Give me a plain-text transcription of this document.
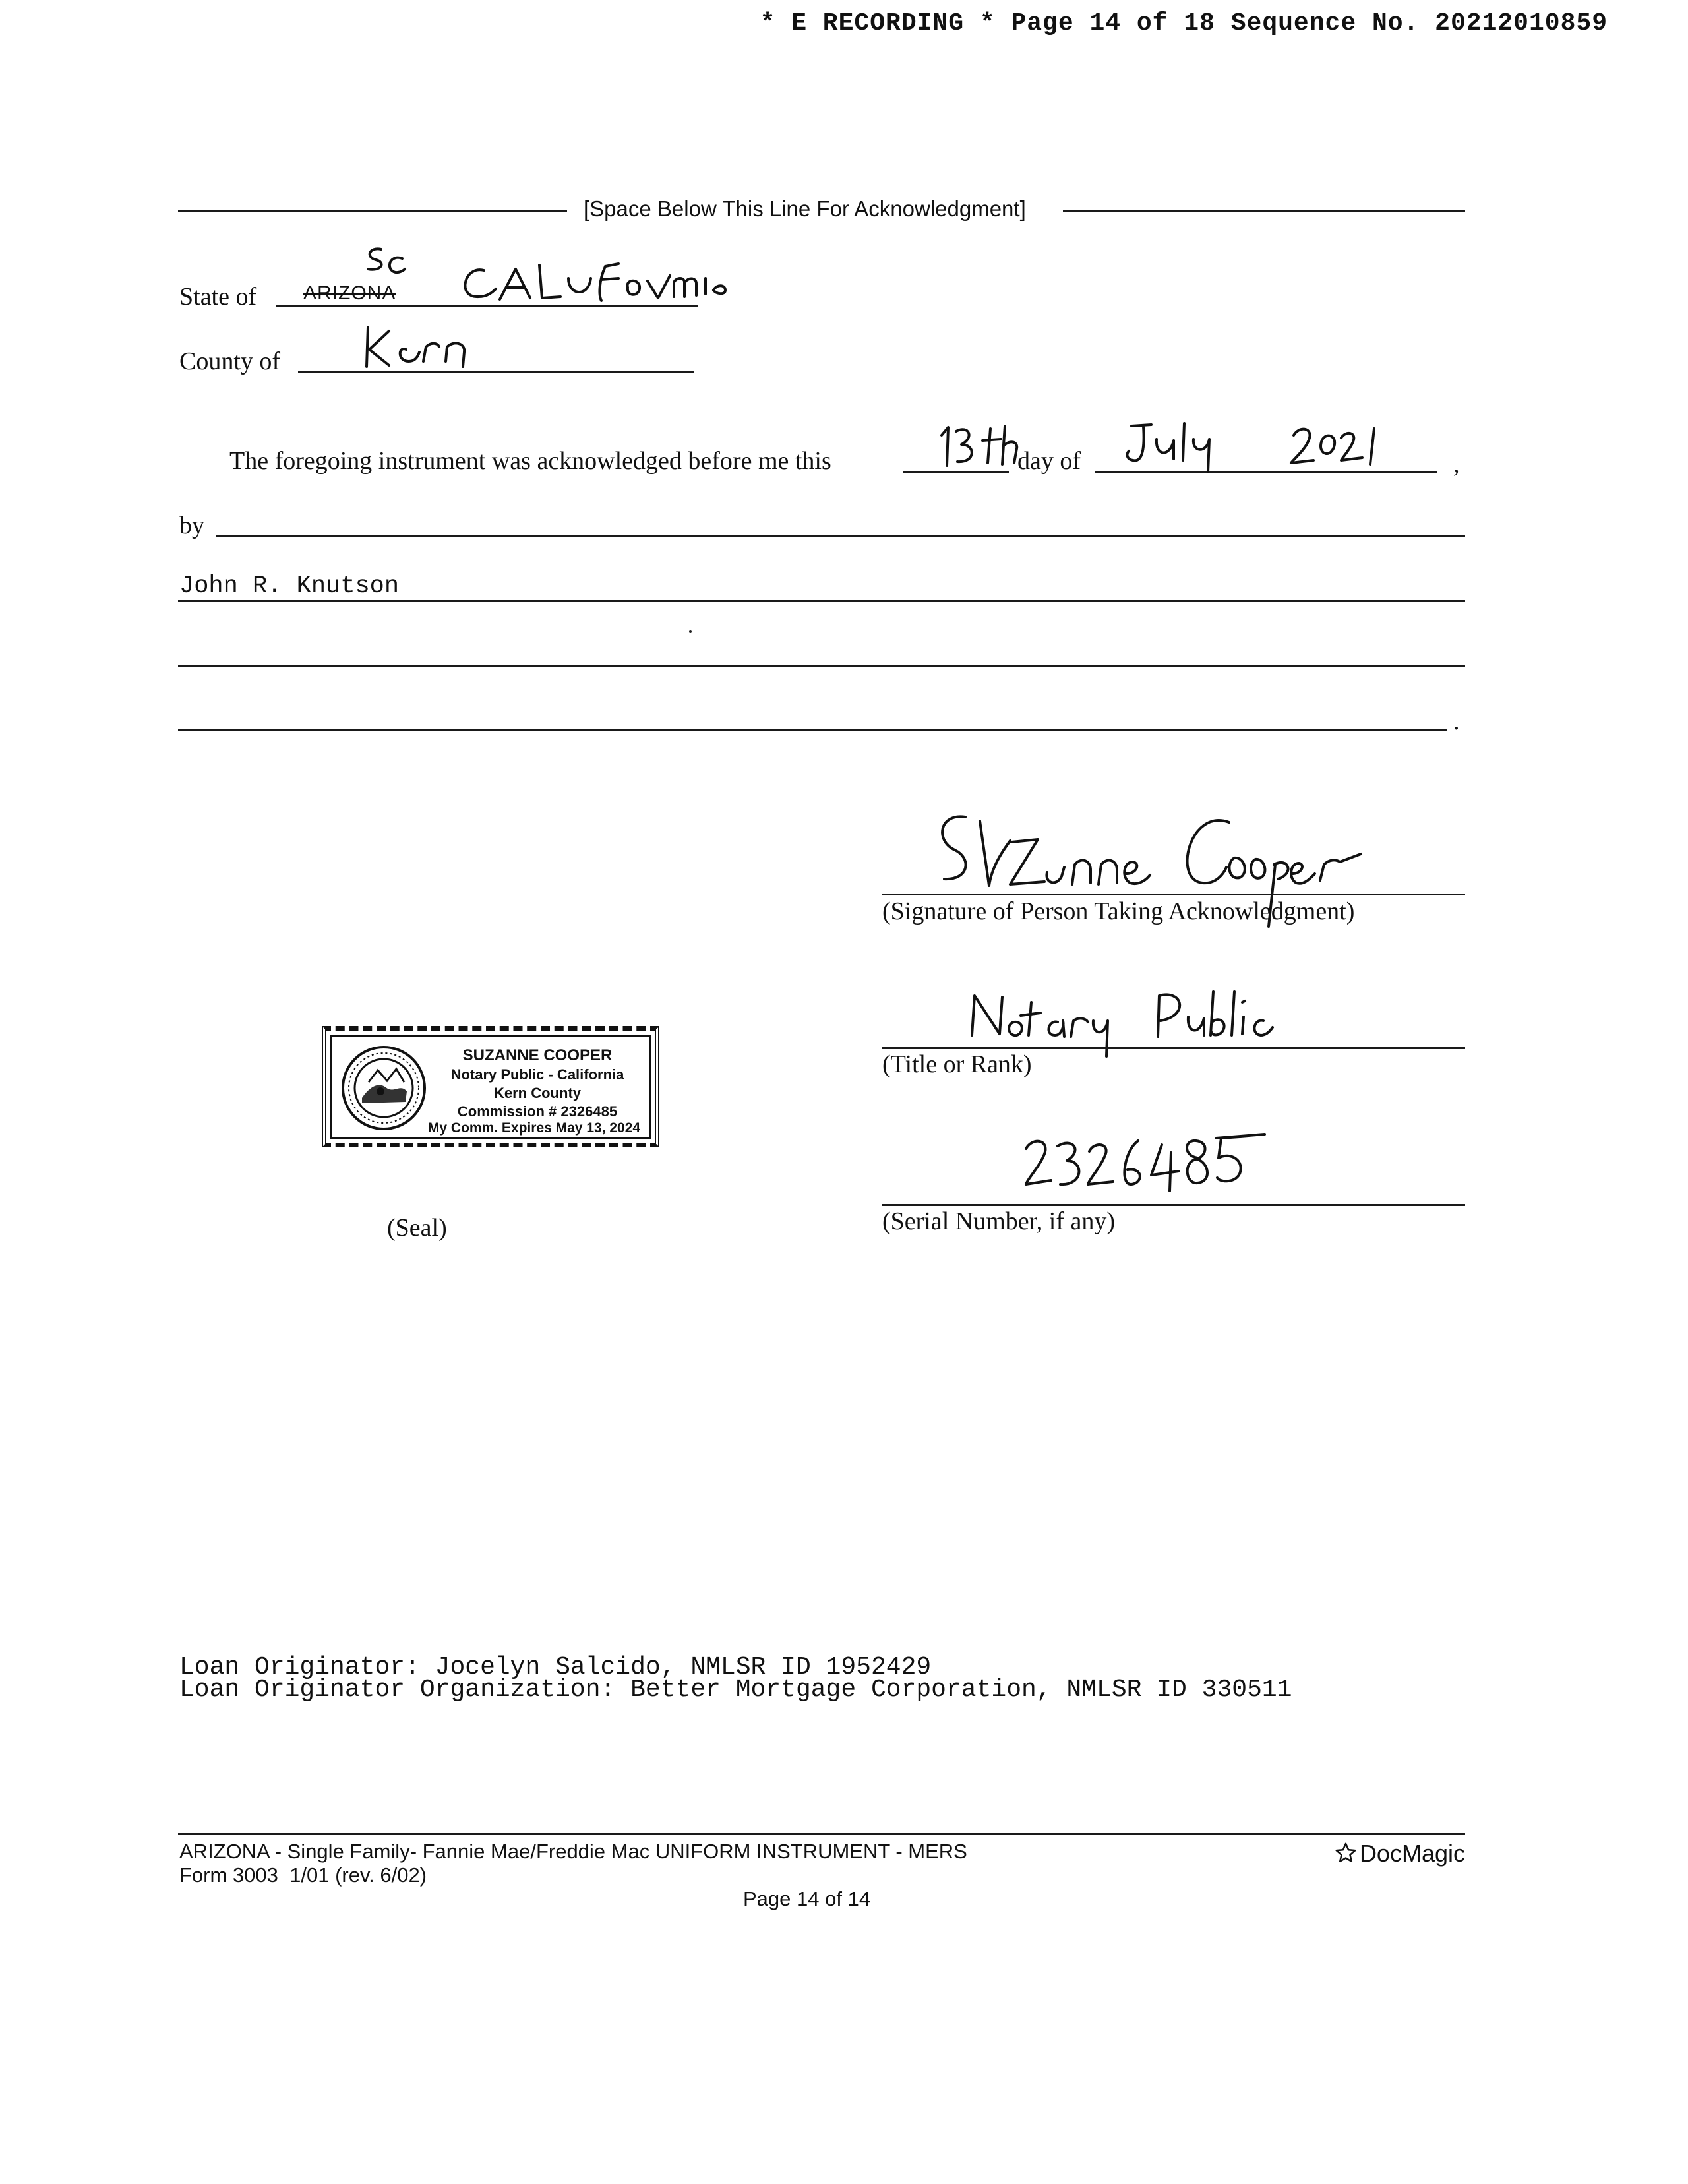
* E RECORDING * Page 14 of 18 Sequence No. 20212010859
[Space Below This Line For Acknowledgment]
State of ARIZONA
County of
The foregoing instrument was acknowledged before me this	day of	,
by
John R. Knutson
.
(Signature of Person Taking Acknowledgment)
(Title or Rank)
(Serial Number, if any)
SUZANNE COOPER
Notary Public - California
Kern County
Commission # 2326485
My Comm. Expires May 13, 2024
(Seal)
Loan Originator: Jocelyn Salcido, NMLSR ID 1952429
Loan Originator Organization: Better Mortgage Corporation, NMLSR ID 330511
ARIZONA - Single Family- Fannie Mae/Freddie Mac UNIFORM INSTRUMENT - MERS
Form 3003  1/01 (rev. 6/02)
Page 14 of 14
DocMagic
